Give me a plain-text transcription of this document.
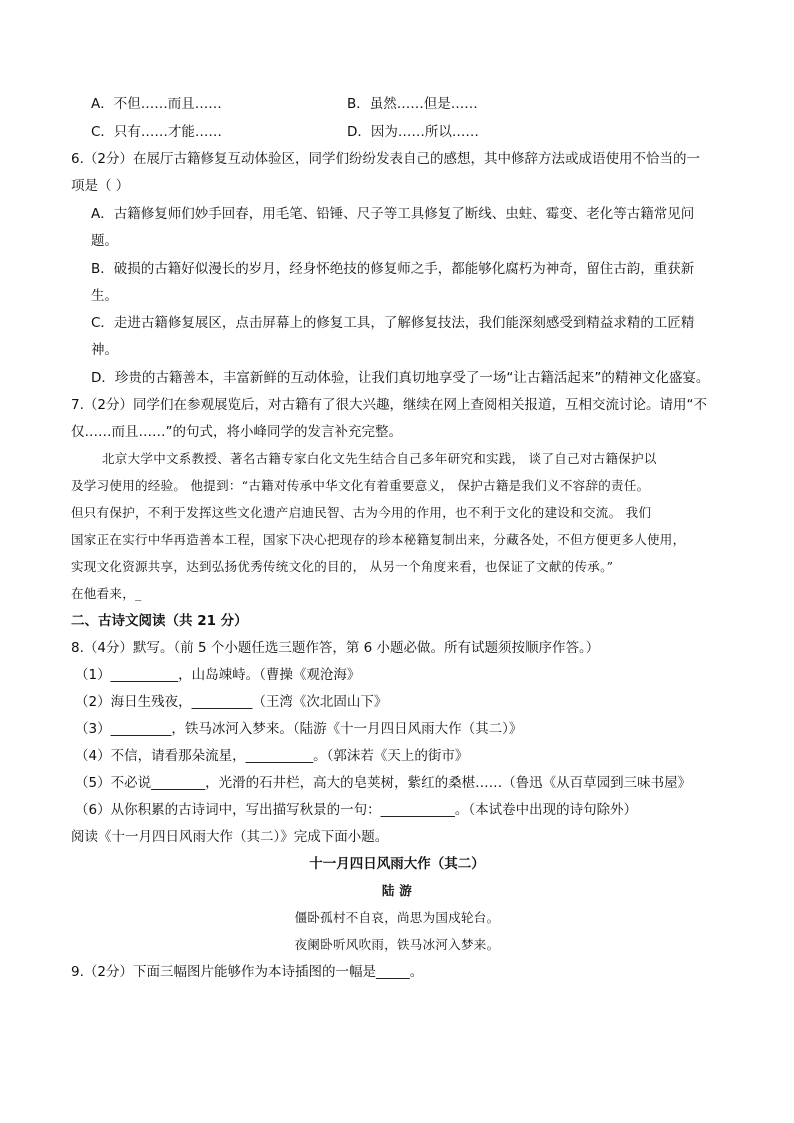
A．不但……而且……	B．虽然……但是……
C．只有……才能……	D．因为……所以……
6.（2分）在展厅古籍修复互动体验区，同学们纷纷发表自己的感想，其中修辞方法或成语使用不恰当的一
项是（ ）
A．古籍修复师们妙手回春，用毛笔、铅锤、尺子等工具修复了断线、虫蛀、霉变、老化等古籍常见问
题。
B．破损的古籍好似漫长的岁月，经身怀绝技的修复师之手，都能够化腐朽为神奇，留住古韵，重获新
生。
C．走进古籍修复展区，点击屏幕上的修复工具，了解修复技法，我们能深刻感受到精益求精的工匠精
神。
D．珍贵的古籍善本，丰富新鲜的互动体验，让我们真切地享受了一场“让古籍活起来”的精神文化盛宴。
7.（2分）同学们在参观展览后，对古籍有了很大兴趣，继续在网上查阅相关报道，互相交流讨论。请用“不
仅……而且……”的句式，将小峰同学的发言补充完整。
北京大学中文系教授、著名古籍专家白化文先生结合自己多年研究和实践， 谈了自己对古籍保护以
及学习使用的经验。 他提到：“古籍对传承中华文化有着重要意义， 保护古籍是我们义不容辞的责任。
但只有保护，不利于发挥这些文化遗产启迪民智、古为今用的作用，也不利于文化的建设和交流。 我们
国家正在实行中华再造善本工程，国家下决心把现存的珍本秘籍复制出来，分藏各处，不但方便更多人使用，
实现文化资源共享，达到弘扬优秀传统文化的目的， 从另一个角度来看，也保证了文献的传承。”
在他看来，_
二、古诗文阅读（共 21 分）
8.（4分）默写。（前 5 个小题任选三题作答，第 6 小题必做。所有试题须按顺序作答。）
（1）__________，山岛竦峙。（曹操《观沧海》
（2）海日生残夜，_________（王湾《次北固山下》
（3）_________，铁马冰河入梦来。（陆游《十一月四日风雨大作（其二）》
（4）不信，请看那朵流星，__________。（郭沫若《天上的街市》
（5）不必说________，光滑的石井栏，高大的皂荚树，紫红的桑椹……（鲁迅《从百草园到三味书屋》
（6）从你积累的古诗词中，写出描写秋景的一句：___________。（本试卷中出现的诗句除外）
阅读《十一月四日风雨大作（其二）》完成下面小题。
十一月四日风雨大作（其二）
陆 游
僵卧孤村不自哀，尚思为国戍轮台。
夜阑卧听风吹雨，铁马冰河入梦来。
9.（2分）下面三幅图片能够作为本诗插图的一幅是_____。
